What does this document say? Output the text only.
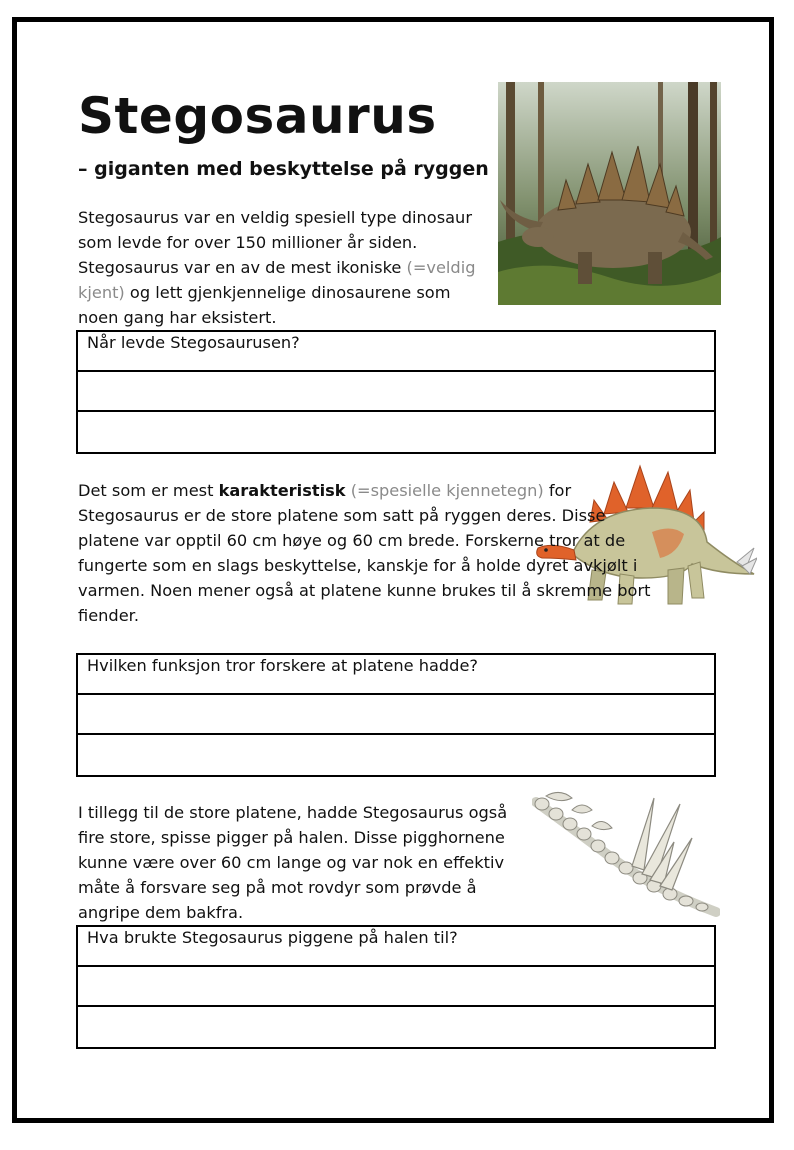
Stegosaurus

– giganten med beskyttelse på ryggen

Stegosaurus var en veldig spesiell type dinosaur som levde for over 150 millioner år siden. Stegosaurus var en av de mest ikoniske (=veldig kjent) og lett gjenkjennelige dinosaurene som noen gang har eksistert.

Når levde Stegosaurusen?

Det som er mest karakteristisk (=spesielle kjennetegn) for Stegosaurus er de store platene som satt på ryggen deres. Disse platene var opptil 60 cm høye og 60 cm brede. Forskerne tror at de fungerte som en slags beskyttelse, kanskje for å holde dyret avkjølt i varmen. Noen mener også at platene kunne brukes til å skremme bort fiender.

Hvilken funksjon tror forskere at platene hadde?

I tillegg til de store platene, hadde Stegosaurus også fire store, spisse pigger på halen. Disse pigghornene kunne være over 60 cm lange og var nok en effektiv måte å forsvare seg på mot rovdyr som prøvde å angripe dem bakfra.

Hva brukte Stegosaurus piggene på halen til?
